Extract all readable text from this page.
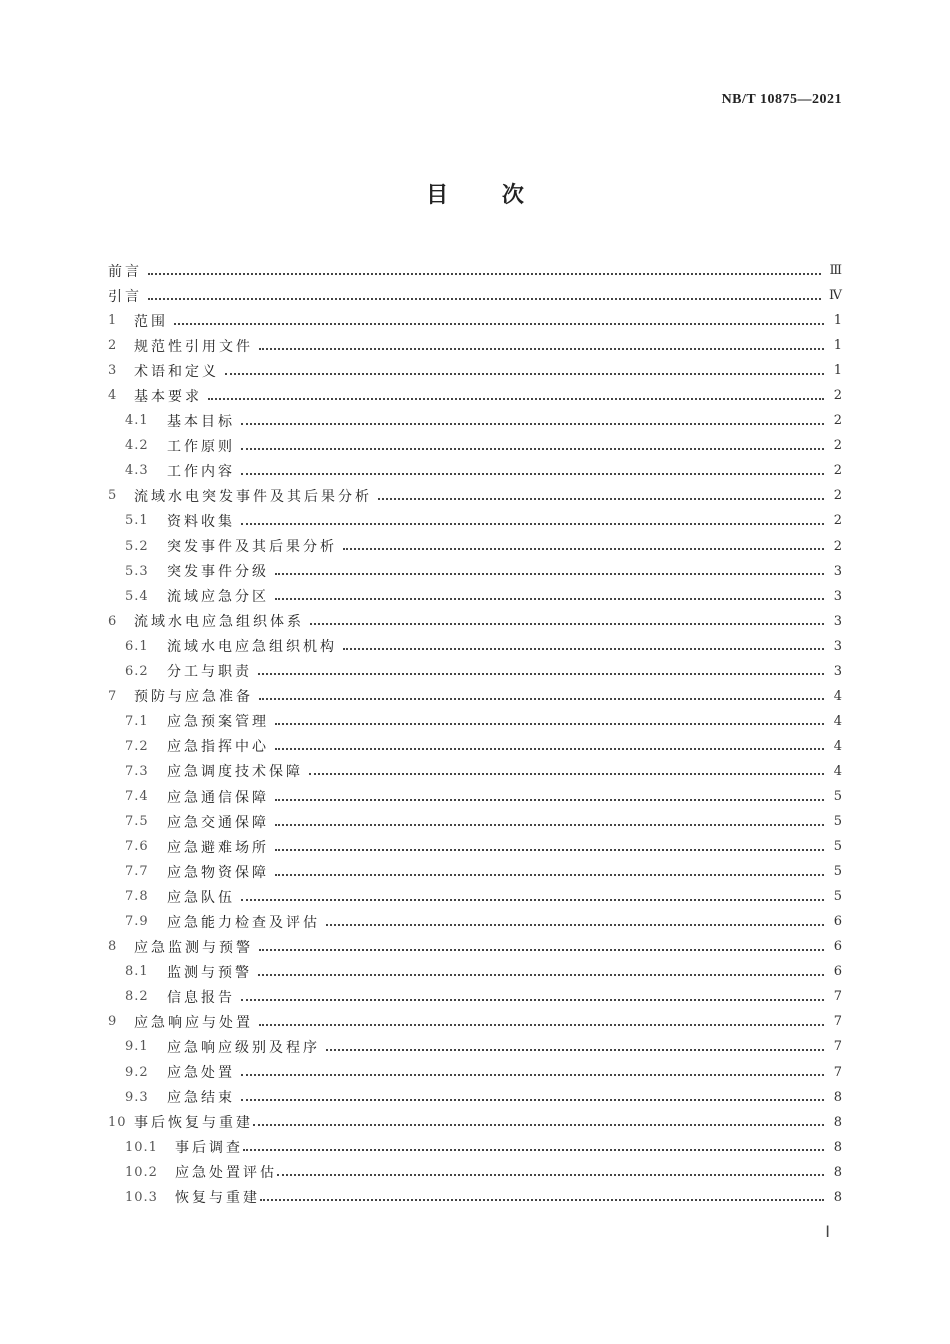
NB/T 10875—2021
目 次
前言	Ⅲ
引言	Ⅳ
1	范围	1
2	规范性引用文件	1
3	术语和定义	1
4	基本要求	2
4.1	基本目标	2
4.2	工作原则	2
4.3	工作内容	2
5	流域水电突发事件及其后果分析	2
5.1	资料收集	2
5.2	突发事件及其后果分析	2
5.3	突发事件分级	3
5.4	流域应急分区	3
6	流域水电应急组织体系	3
6.1	流域水电应急组织机构	3
6.2	分工与职责	3
7	预防与应急准备	4
7.1	应急预案管理	4
7.2	应急指挥中心	4
7.3	应急调度技术保障	4
7.4	应急通信保障	5
7.5	应急交通保障	5
7.6	应急避难场所	5
7.7	应急物资保障	5
7.8	应急队伍	5
7.9	应急能力检查及评估	6
8	应急监测与预警	6
8.1	监测与预警	6
8.2	信息报告	7
9	应急响应与处置	7
9.1	应急响应级别及程序	7
9.2	应急处置	7
9.3	应急结束	8
10 事后恢复与重建	8
10.1	事后调查	8
10.2	应急处置评估	8
10.3	恢复与重建	8
Ⅰ
